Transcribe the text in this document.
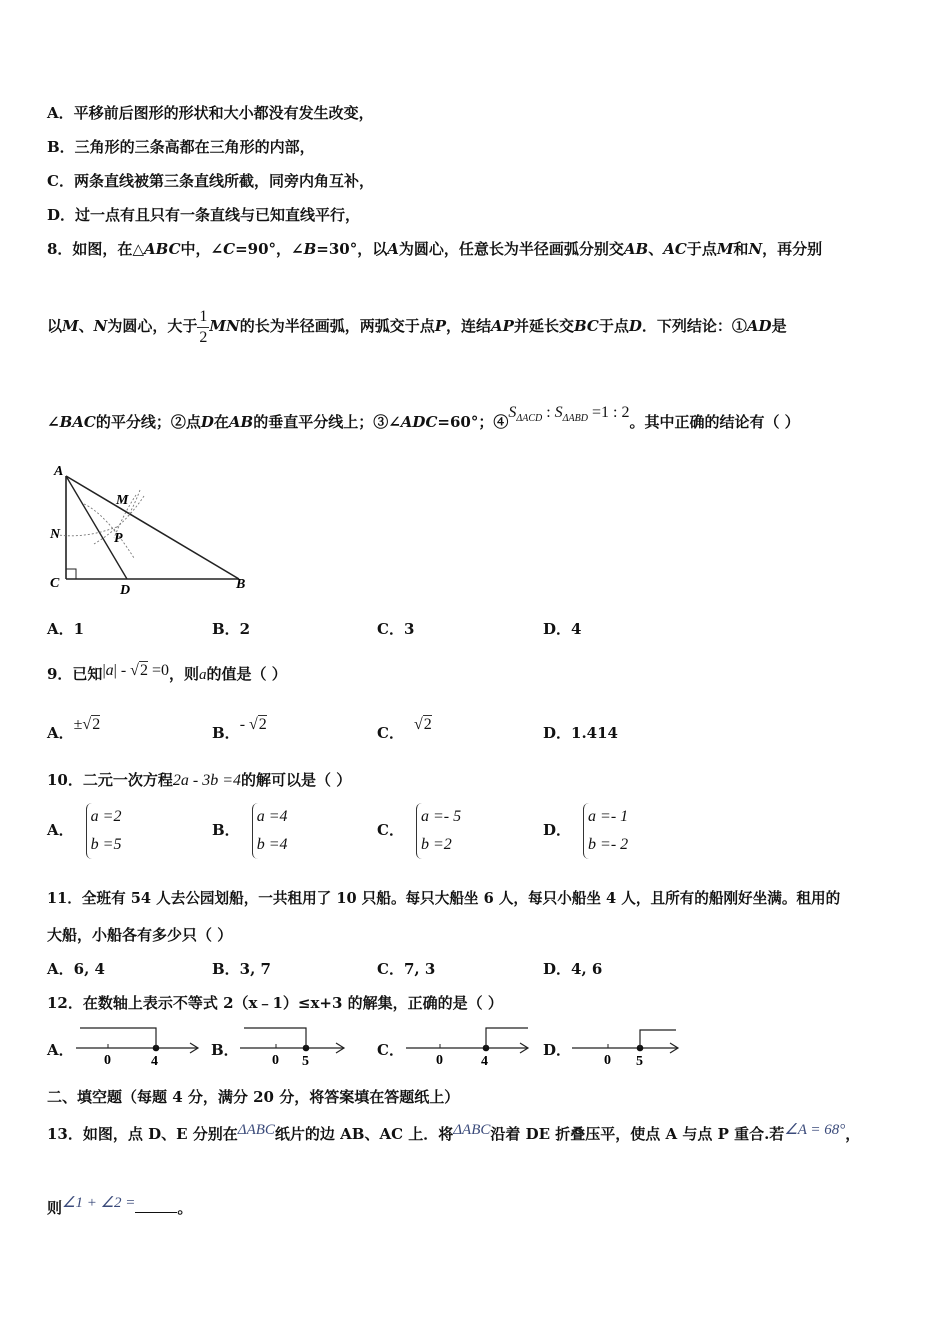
A．平移前后图形的形状和大小都没有发生改变，
B．三角形的三条高都在三角形的内部，
C．两条直线被第三条直线所截，同旁内角互补，
D．过一点有且只有一条直线与已知直线平行，
8．如图，在△ABC中，∠C=90°，∠B=30°，以A为圆心，任意长为半径画弧分别交AB、AC于点M和N，再分别
以M、N为圆心，大于 $\frac{1}{2}$ MN的长为半径画弧，两弧交于点P，连结AP并延长交BC于点D．下列结论：①AD是
∠BAC的平分线；②点D在AB的垂直平分线上；③∠ADC=60°；$④S_{\Delta ACD}$ : $S_{\Delta ABD} =1$ : 2。其中正确的结论有（ ）
A
M
N	P
C	D	B
A．1	B．2	C．3	D．4
9．已知|a| - √2 =0，则a的值是（ ）
A．±√2	B．- √2	C． √2	D．1.414
10．二元一次方程2a - 3b =4的解可以是（ ）
A．
a =2
b =5
B．
a =4
b =4
C．
a =- 5
b =2
D．
a =- 1
b =- 2
11．全班有 54 人去公园划船，一共租用了 10 只船。每只大船坐 6 人，每只小船坐 4 人，且所有的船刚好坐满。租用的
大船，小船各有多少只（ ）
A．6, 4	B．3, 7	C．7, 3	D．4, 6
12．在数轴上表示不等式 2（x﹣1）≤x+3 的解集，正确的是（ ）
A．
0	4
B．
0 5
C．
0	4
D．
0 5
二、填空题（每题 4 分，满分 20 分，将答案填在答题纸上）
13．如图，点 D、E 分别在ΔABC纸片的边 AB、AC 上．将ΔABC沿着 DE 折叠压平，使点 A 与点 P 重合.若∠A = 68°，
则∠1 + ∠2 =	。
